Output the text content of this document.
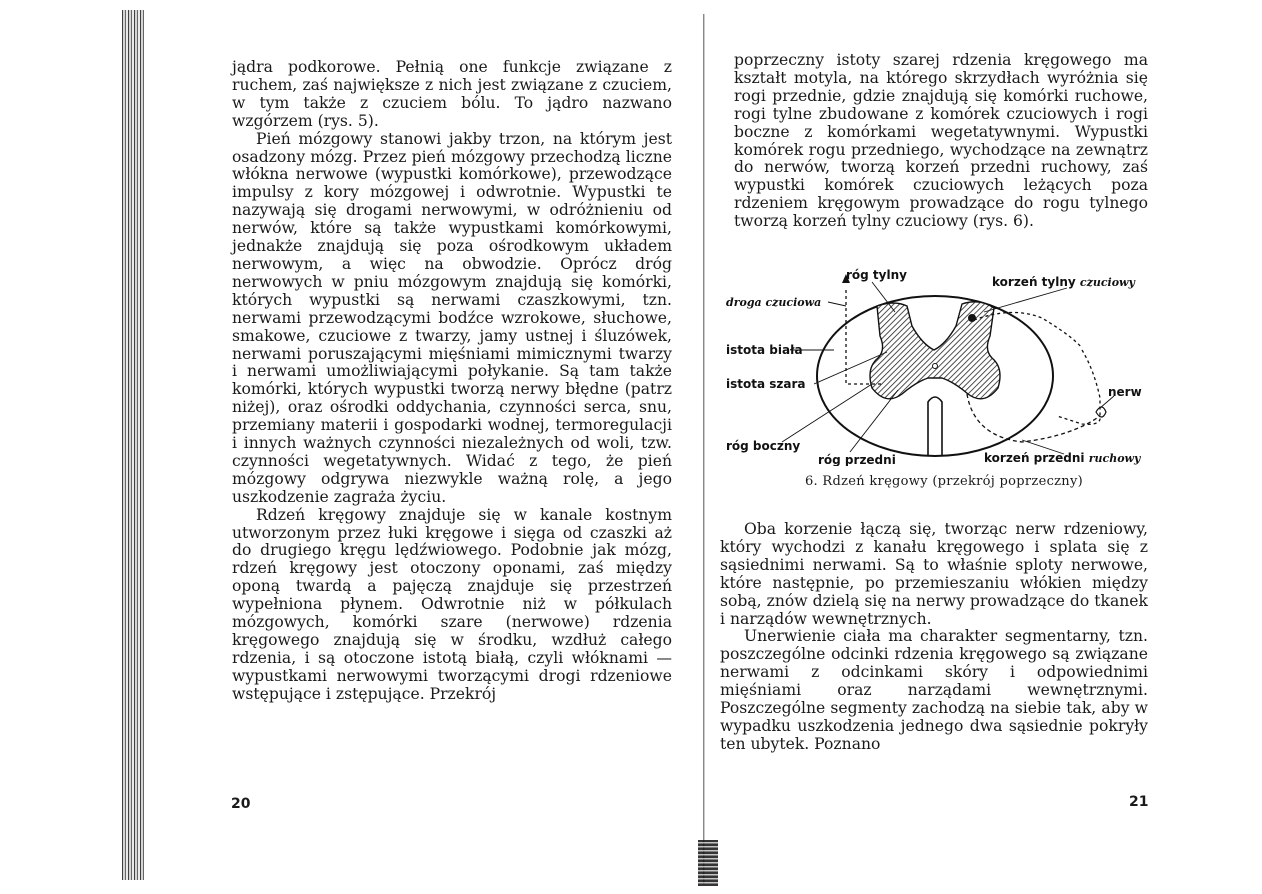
jądra podkorowe. Pełnią one funkcje związane z ruchem, zaś największe z nich jest związane z czuciem, w tym także z czuciem bólu. To jądro nazwano wzgórzem (rys. 5).

Pień mózgowy stanowi jakby trzon, na którym jest osadzony mózg. Przez pień mózgowy przechodzą liczne włókna nerwowe (wypustki komórkowe), przewodzące impulsy z kory mózgowej i odwrotnie. Wypustki te nazywają się drogami nerwowymi, w odróżnieniu od nerwów, które są także wypustkami komórkowymi, jednakże znajdują się poza ośrodkowym układem nerwowym, a więc na obwodzie. Oprócz dróg nerwowych w pniu mózgowym znajdują się komórki, których wypustki są nerwami czaszkowymi, tzn. nerwami przewodzącymi bodźce wzrokowe, słuchowe, smakowe, czuciowe z twarzy, jamy ustnej i śluzówek, nerwami poruszającymi mięśniami mimicznymi twarzy i nerwami umożliwiającymi połykanie. Są tam także komórki, których wypustki tworzą nerwy błędne (patrz niżej), oraz ośrodki oddychania, czynności serca, snu, przemiany materii i gospodarki wodnej, termoregulacji i innych ważnych czynności niezależnych od woli, tzw. czynności wegetatywnych. Widać z tego, że pień mózgowy odgrywa niezwykle ważną rolę, a jego uszkodzenie zagraża życiu.

Rdzeń kręgowy znajduje się w kanale kostnym utworzonym przez łuki kręgowe i sięga od czaszki aż do drugiego kręgu lędźwiowego. Podobnie jak mózg, rdzeń kręgowy jest otoczony oponami, zaś między oponą twardą a pajęczą znajduje się przestrzeń wypełniona płynem. Odwrotnie niż w półkulach mózgowych, komórki szare (nerwowe) rdzenia kręgowego znajdują się w środku, wzdłuż całego rdzenia, i są otoczone istotą białą, czyli włóknami — wypustkami nerwowymi tworzącymi drogi rdzeniowe wstępujące i zstępujące. Przekrój

20

poprzeczny istoty szarej rdzenia kręgowego ma kształt motyla, na którego skrzydłach wyróżnia się rogi przednie, gdzie znajdują się komórki ruchowe, rogi tylne zbudowane z komórek czuciowych i rogi boczne z komórkami wegetatywnymi. Wypustki komórek rogu przedniego, wychodzące na zewnątrz do nerwów, tworzą korzeń przedni ruchowy, zaś wypustki komórek czuciowych leżących poza rdzeniem kręgowym prowadzące do rogu tylnego tworzą korzeń tylny czuciowy (rys. 6).

róg tylny	korzeń tylny czuciowy
droga czuciowa
istota biała
istota szara
nerw
róg boczny
róg przedni	korzeń przedni ruchowy
6. Rdzeń kręgowy (przekrój poprzeczny)

Oba korzenie łączą się, tworząc nerw rdzeniowy, który wychodzi z kanału kręgowego i splata się z sąsiednimi nerwami. Są to właśnie sploty nerwowe, które następnie, po przemieszaniu włókien między sobą, znów dzielą się na nerwy prowadzące do tkanek i narządów wewnętrznych.

Unerwienie ciała ma charakter segmentarny, tzn. poszczególne odcinki rdzenia kręgowego są związane nerwami z odcinkami skóry i odpowiednimi mięśniami oraz narządami wewnętrznymi. Poszczególne segmenty zachodzą na siebie tak, aby w wypadku uszkodzenia jednego dwa sąsiednie pokryły ten ubytek. Poznano

21
